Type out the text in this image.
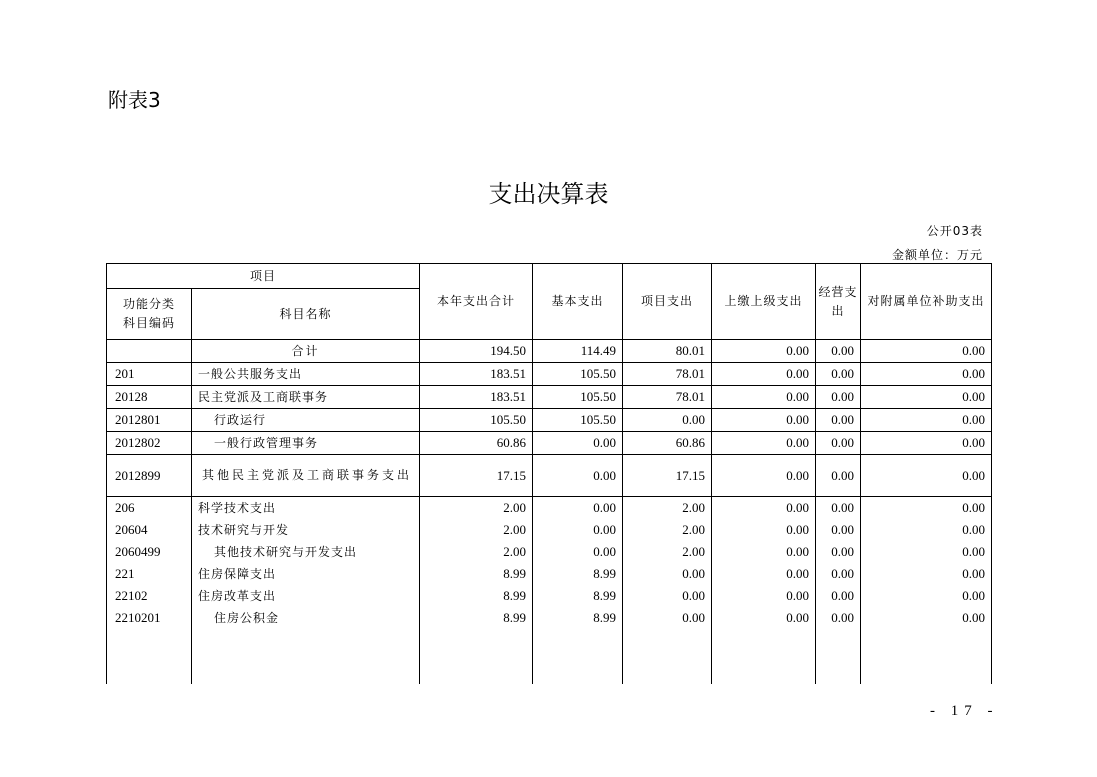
附表3
支出决算表
公开03表
金额单位：万元
项目		本年支出合计	基本支出	项目支出	上缴上级支出	经营支出	对附属单位补助支出
功能分类科目编码	科目名称						
	合计	194.50	114.49	80.01	0.00	0.00	0.00
201	一般公共服务支出	183.51	105.50	78.01	0.00	0.00	0.00
20128	民主党派及工商联事务	183.51	105.50	78.01	0.00	0.00	0.00
2012801	行政运行	105.50	105.50	0.00	0.00	0.00	0.00
2012802	一般行政管理事务	60.86	0.00	60.86	0.00	0.00	0.00
2012899	其他民主党派及工商联事务支出	17.15	0.00	17.15	0.00	0.00	0.00
206	科学技术支出	2.00	0.00	2.00	0.00	0.00	0.00
20604	技术研究与开发	2.00	0.00	2.00	0.00	0.00	0.00
2060499	其他技术研究与开发支出	2.00	0.00	2.00	0.00	0.00	0.00
221	住房保障支出	8.99	8.99	0.00	0.00	0.00	0.00
22102	住房改革支出	8.99	8.99	0.00	0.00	0.00	0.00
2210201	住房公积金	8.99	8.99	0.00	0.00	0.00	0.00

- 17 -
